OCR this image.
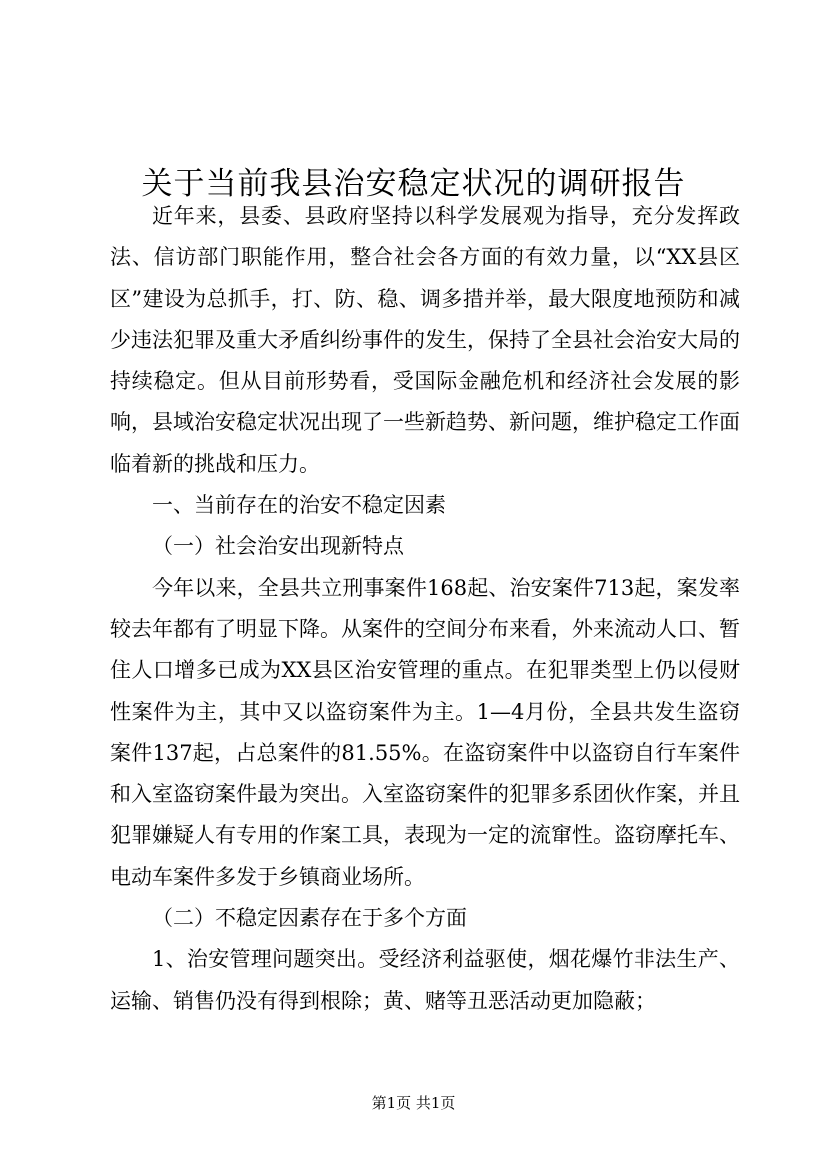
关于当前我县治安稳定状况的调研报告

近年来，县委、县政府坚持以科学发展观为指导，充分发挥政法、信访部门职能作用，整合社会各方面的有效力量，以“XX县区区”建设为总抓手，打、防、稳、调多措并举，最大限度地预防和减少违法犯罪及重大矛盾纠纷事件的发生，保持了全县社会治安大局的持续稳定。但从目前形势看，受国际金融危机和经济社会发展的影响，县域治安稳定状况出现了一些新趋势、新问题，维护稳定工作面临着新的挑战和压力。

一、当前存在的治安不稳定因素

（一）社会治安出现新特点

今年以来，全县共立刑事案件168起、治安案件713起，案发率较去年都有了明显下降。从案件的空间分布来看，外来流动人口、暂住人口增多已成为XX县区治安管理的重点。在犯罪类型上仍以侵财性案件为主，其中又以盗窃案件为主。1—4月份，全县共发生盗窃案件137起，占总案件的81.55%。在盗窃案件中以盗窃自行车案件和入室盗窃案件最为突出。入室盗窃案件的犯罪多系团伙作案，并且犯罪嫌疑人有专用的作案工具，表现为一定的流窜性。盗窃摩托车、电动车案件多发于乡镇商业场所。

（二）不稳定因素存在于多个方面

1、治安管理问题突出。受经济利益驱使，烟花爆竹非法生产、运输、销售仍没有得到根除；黄、赌等丑恶活动更加隐蔽；

第1页 共1页
